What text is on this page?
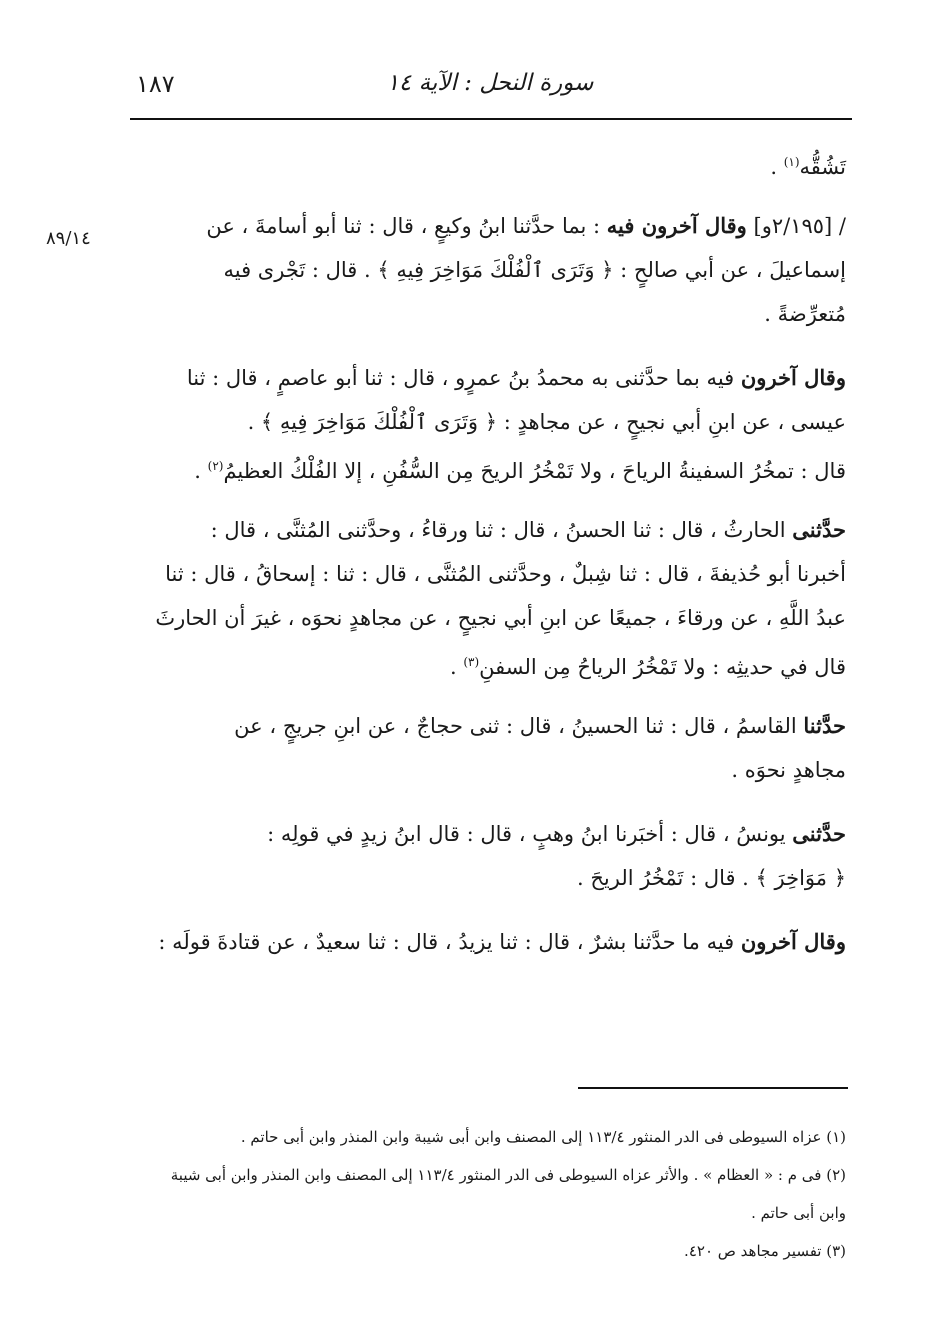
١٨٧	سورة النحل : الآية ١٤
٨٩/١٤
تَشُقُّه$^{(١)}$ .
/ [٢/١٩٥و] وقال آخرون فيه : بما حدَّثنا ابنُ وكيعٍ ، قال : ثنا أبو أسامةَ ، عن
إسماعيلَ ، عن أبي صالحٍ : ﴿ وَتَرَى ٱلْفُلْكَ مَوَاخِرَ فِيهِ ﴾ . قال : تَجْرى فيه
مُتعرِّضةً .
وقال آخرون فيه بما حدَّثنى به محمدُ بنُ عمرٍو ، قال : ثنا أبو عاصمٍ ، قال : ثنا
عيسى ، عن ابنِ أبي نجيحٍ ، عن مجاهدٍ : ﴿ وَتَرَى ٱلْفُلْكَ مَوَاخِرَ فِيهِ ﴾ .
قال : تمخُرُ السفينةُ الرياحَ ، ولا تَمْخُرُ الريحَ مِن السُّفُنِ ، إلا الفُلْكُ العظيمُ$^{(٢)}$ .
حدَّثنى الحارثُ ، قال : ثنا الحسنُ ، قال : ثنا ورقاءُ ، وحدَّثنى المُثنَّى ، قال :
أخبرنا أبو حُذيفةَ ، قال : ثنا شِبلٌ ، وحدَّثنى المُثنَّى ، قال : ثنا : إسحاقُ ، قال : ثنا
عبدُ اللَّهِ ، عن ورقاءَ ، جميعًا عن ابنِ أبي نجيحٍ ، عن مجاهدٍ نحوَه ، غيرَ أن الحارثَ
قال في حديثِه : ولا تَمْخُرُ الرياحُ مِن السفنِ$^{(٣)}$ .
حدَّثنا القاسمُ ، قال : ثنا الحسينُ ، قال : ثنى حجاجٌ ، عن ابنِ جريجٍ ، عن
مجاهدٍ نحوَه .
حدَّثنى يونسُ ، قال : أخبَرنا ابنُ وهبٍ ، قال : قال ابنُ زيدٍ في قولِه :
﴿ مَوَاخِرَ ﴾ . قال : تَمْخُرُ الريحَ .
وقال آخرون فيه ما حدَّثنا بشرٌ ، قال : ثنا يزيدُ ، قال : ثنا سعيدٌ ، عن قتادةَ قولَه :
(١) عزاه السيوطى فى الدر المنثور ١١٣/٤ إلى المصنف وابن أبى شيبة وابن المنذر وابن أبى حاتم .
(٢) فى م : « العظام » . والأثر عزاه السيوطى فى الدر المنثور ١١٣/٤ إلى المصنف وابن المنذر وابن أبى شيبة
وابن أبى حاتم .
(٣) تفسير مجاهد ص ٤٢٠.
